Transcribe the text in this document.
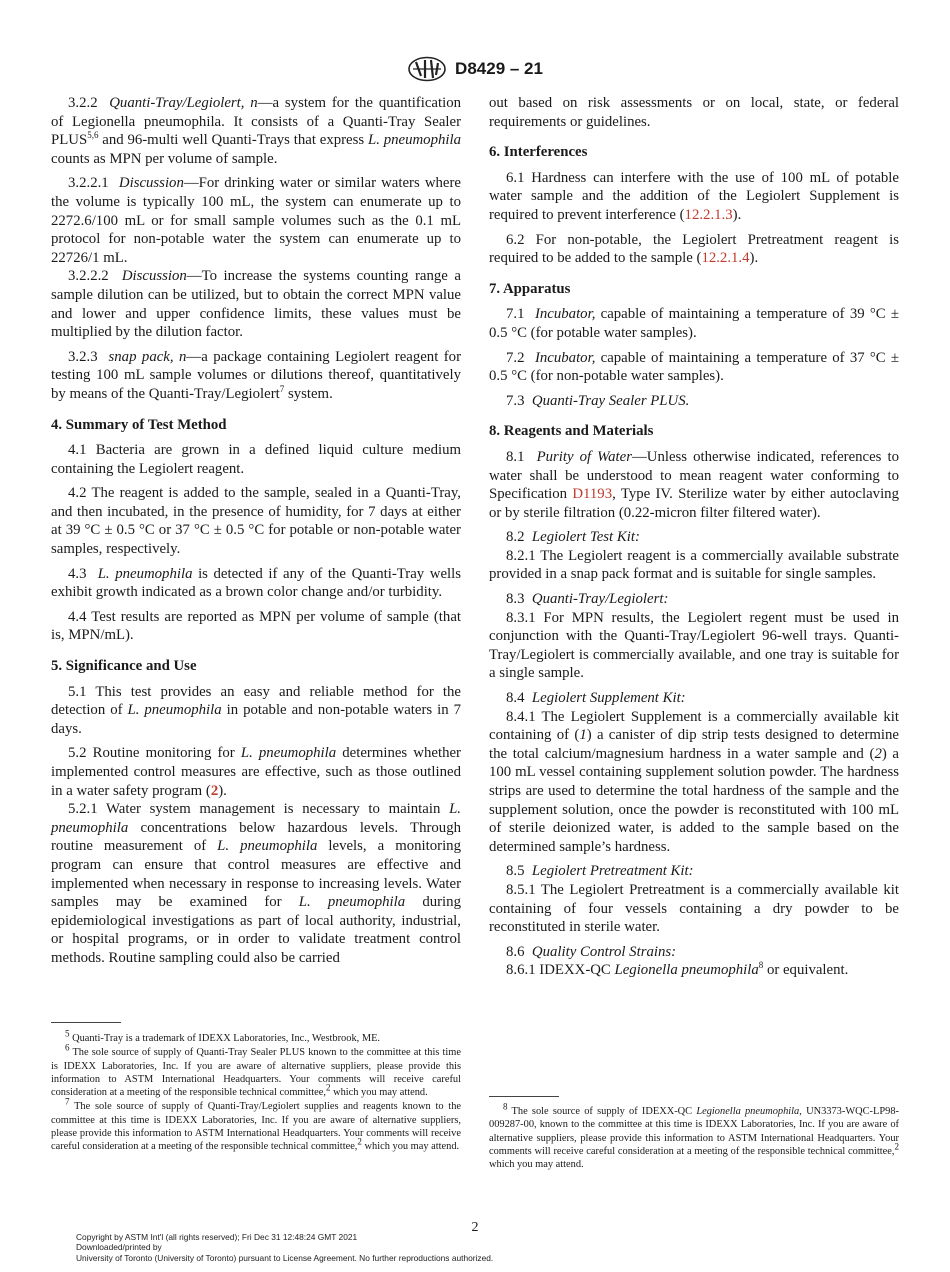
D8429 – 21

3.2.2 Quanti-Tray/Legiolert, n—a system for the quantification of Legionella pneumophila. It consists of a Quanti-Tray Sealer PLUS$^{5,6}$ and 96-multi well Quanti-Trays that express L. pneumophila counts as MPN per volume of sample.

3.2.2.1 Discussion—For drinking water or similar waters where the volume is typically 100 mL, the system can enumerate up to 2272.6/100 mL or for small sample volumes such as the 0.1 mL protocol for non-potable water the system can enumerate up to 22726/1 mL.

3.2.2.2 Discussion—To increase the systems counting range a sample dilution can be utilized, but to obtain the correct MPN value and lower and upper confidence limits, these values must be multiplied by the dilution factor.

3.2.3 snap pack, n—a package containing Legiolert reagent for testing 100 mL sample volumes or dilutions thereof, quantitatively by means of the Quanti-Tray/Legiolert$^7$ system.

4. Summary of Test Method

4.1 Bacteria are grown in a defined liquid culture medium containing the Legiolert reagent.

4.2 The reagent is added to the sample, sealed in a Quanti-Tray, and then incubated, in the presence of humidity, for 7 days at either at 39 °C ± 0.5 °C or 37 °C ± 0.5 °C for potable or non-potable water samples, respectively.

4.3 L. pneumophila is detected if any of the Quanti-Tray wells exhibit growth indicated as a brown color change and/or turbidity.

4.4 Test results are reported as MPN per volume of sample (that is, MPN/mL).

5. Significance and Use

5.1 This test provides an easy and reliable method for the detection of L. pneumophila in potable and non-potable waters in 7 days.

5.2 Routine monitoring for L. pneumophila determines whether implemented control measures are effective, such as those outlined in a water safety program (2).

5.2.1 Water system management is necessary to maintain L. pneumophila concentrations below hazardous levels. Through routine measurement of L. pneumophila levels, a monitoring program can ensure that control measures are effective and implemented when necessary in response to increasing levels. Water samples may be examined for L. pneumophila during epidemiological investigations as part of local authority, industrial, or hospital programs, or in order to validate treatment control methods. Routine sampling could also be carried

$^5$ Quanti-Tray is a trademark of IDEXX Laboratories, Inc., Westbrook, ME.

$^6$ The sole source of supply of Quanti-Tray Sealer PLUS known to the committee at this time is IDEXX Laboratories, Inc. If you are aware of alternative suppliers, please provide this information to ASTM International Headquarters. Your comments will receive careful consideration at a meeting of the responsible technical committee,$^2$ which you may attend.

$^7$ The sole source of supply of Quanti-Tray/Legiolert supplies and reagents known to the committee at this time is IDEXX Laboratories, Inc. If you are aware of alternative suppliers, please provide this information to ASTM International Headquarters. Your comments will receive careful consideration at a meeting of the responsible technical committee,$^2$ which you may attend.

out based on risk assessments or on local, state, or federal requirements or guidelines.

6. Interferences

6.1 Hardness can interfere with the use of 100 mL of potable water sample and the addition of the Legiolert Supplement is required to prevent interference (12.2.1.3).

6.2 For non-potable, the Legiolert Pretreatment reagent is required to be added to the sample (12.2.1.4).

7. Apparatus

7.1 Incubator, capable of maintaining a temperature of 39 °C ± 0.5 °C (for potable water samples).

7.2 Incubator, capable of maintaining a temperature of 37 °C ± 0.5 °C (for non-potable water samples).

7.3 Quanti-Tray Sealer PLUS.

8. Reagents and Materials

8.1 Purity of Water—Unless otherwise indicated, references to water shall be understood to mean reagent water conforming to Specification D1193, Type IV. Sterilize water by either autoclaving or by sterile filtration (0.22-micron filter filtered water).

8.2 Legiolert Test Kit:

8.2.1 The Legiolert reagent is a commercially available substrate provided in a snap pack format and is suitable for single samples.

8.3 Quanti-Tray/Legiolert:

8.3.1 For MPN results, the Legiolert regent must be used in conjunction with the Quanti-Tray/Legiolert 96-well trays. Quanti-Tray/Legiolert is commercially available, and one tray is suitable for a single sample.

8.4 Legiolert Supplement Kit:

8.4.1 The Legiolert Supplement is a commercially available kit containing of (1) a canister of dip strip tests designed to determine the total calcium/magnesium hardness in a water sample and (2) a 100 mL vessel containing supplement solution powder. The hardness strips are used to determine the total hardness of the sample and the supplement solution, once the powder is reconstituted with 100 mL of sterile deionized water, is added to the sample based on the determined sample’s hardness.

8.5 Legiolert Pretreatment Kit:

8.5.1 The Legiolert Pretreatment is a commercially available kit containing of four vessels containing a dry powder to be reconstituted in sterile water.

8.6 Quality Control Strains:

8.6.1 IDEXX-QC Legionella pneumophila$^8$ or equivalent.

$^8$ The sole source of supply of IDEXX-QC Legionella pneumophila, UN3373-WQC-LP98-009287-00, known to the committee at this time is IDEXX Laboratories, Inc. If you are aware of alternative suppliers, please provide this information to ASTM International Headquarters. Your comments will receive careful consideration at a meeting of the responsible technical committee,$^2$ which you may attend.

2
Copyright by ASTM Int'l (all rights reserved); Fri Dec 31 12:48:24 GMT 2021
Downloaded/printed by
University of Toronto (University of Toronto) pursuant to License Agreement. No further reproductions authorized.
